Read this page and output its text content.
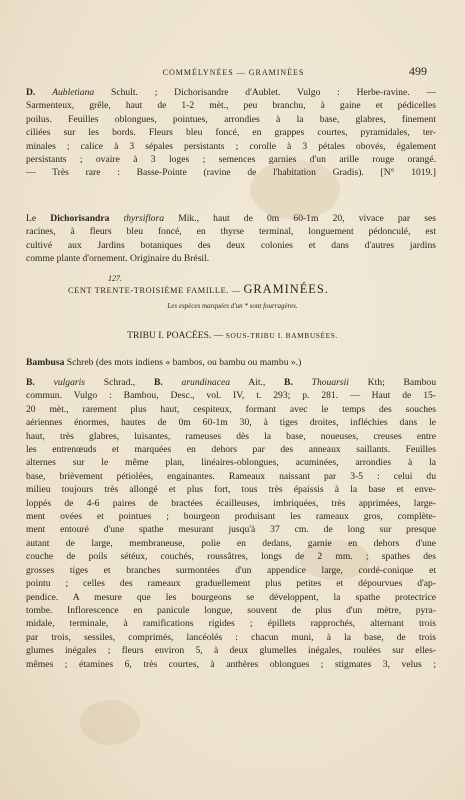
COMMÉLYNÉES — GRAMINÉES	499
D. Aubletiana Schult. ; Dichorisandre d'Aublet. Vulgo : Herbe-ravine. —
Sarmenteux, grêle, haut de 1-2 mèt., peu branchu, à gaine et pédicelles
poilus. Feuilles oblongues, pointues, arrondies à la base, glabres, finement
ciliées sur les bords. Fleurs bleu foncé, en grappes courtes, pyramidales, ter-
minales ; calice à 3 sépales persistants ; corolle à 3 pétales obovés, également
persistants ; ovaire à 3 loges ; semences garnies d'un arille rouge orangé.
— Très rare : Basse-Pointe (ravine de l'habitation Gradis). [N° 1019.]
Le Dichorisandra thyrsiflora Mik., haut de 0m 60-1m 20, vivace par ses
racines, à fleurs bleu foncé, en thyrse terminal, longuement pédonculé, est
cultivé aux Jardins botaniques des deux colonies et dans d'autres jardins
comme plante d'ornement. Originaire du Brésil.
127.
CENT TRENTE-TROISIÈME FAMILLE. — GRAMINÉES.
Les espèces marquées d'un * sont fourragères.
TRIBU I. POACÉES. — SOUS-TRIBU I. BAMBUSÉES.
Bambusa Schreb (des mots indiens « bambos, ou bambu ou mambu ».)
B. vulgaris Schrad., B. arundinacea Ait., B. Thouarsii Kth; Bambou
commun. Vulgo : Bambou, Desc., vol. IV, t. 293; p. 281. — Haut de 15-
20 mèt., rarement plus haut, cespiteux, formant avec le temps des souches
aériennes énormes, hautes de 0m 60-1m 30, à tiges droites, infléchies dans le
haut, très glabres, luisantes, rameuses dès la base, noueuses, creuses entre
les entrenœuds et marquées en dehors par des anneaux saillants. Feuilles
alternes sur le même plan, linéaires-oblongues, acuminées, arrondies à la
base, brièvement pétiolées, engainantes. Rameaux naissant par 3-5 : celui du
milieu toujours très allongé et plus fort, tous très épaissis à la base et enve-
loppés de 4-6 paires de bractées écailleuses, imbriquées, très apprimées, large-
ment ovées et pointues ; bourgeon produisant les rameaux gros, complète-
ment entouré d'une spathe mesurant jusqu'à 37 cm. de long sur presque
autant de large, membraneuse, polie en dedans, garnie en dehors d'une
couche de poils sétéux, couchés, roussâtres, longs de 2 mm. ; spathes des
grosses tiges et branches surmontées d'un appendice large, cordé-conique et
pointu ; celles des rameaux graduellement plus petites et dépourvues d'ap-
pendice. A mesure que les bourgeons se développent, la spathe protectrice
tombe. Inflorescence en panicule longue, souvent de plus d'un mètre, pyra-
midale, terminale, à ramifications rigides ; épillets rapprochés, alternant trois
par trois, sessiles, comprimés, lancéolés : chacun muni, à la base, de trois
glumes inégales ; fleurs environ 5, à deux glumelles inégales, roulées sur elles-
mêmes ; étamines 6, très courtes, à anthères oblongues ; stigmates 3, velus ;
